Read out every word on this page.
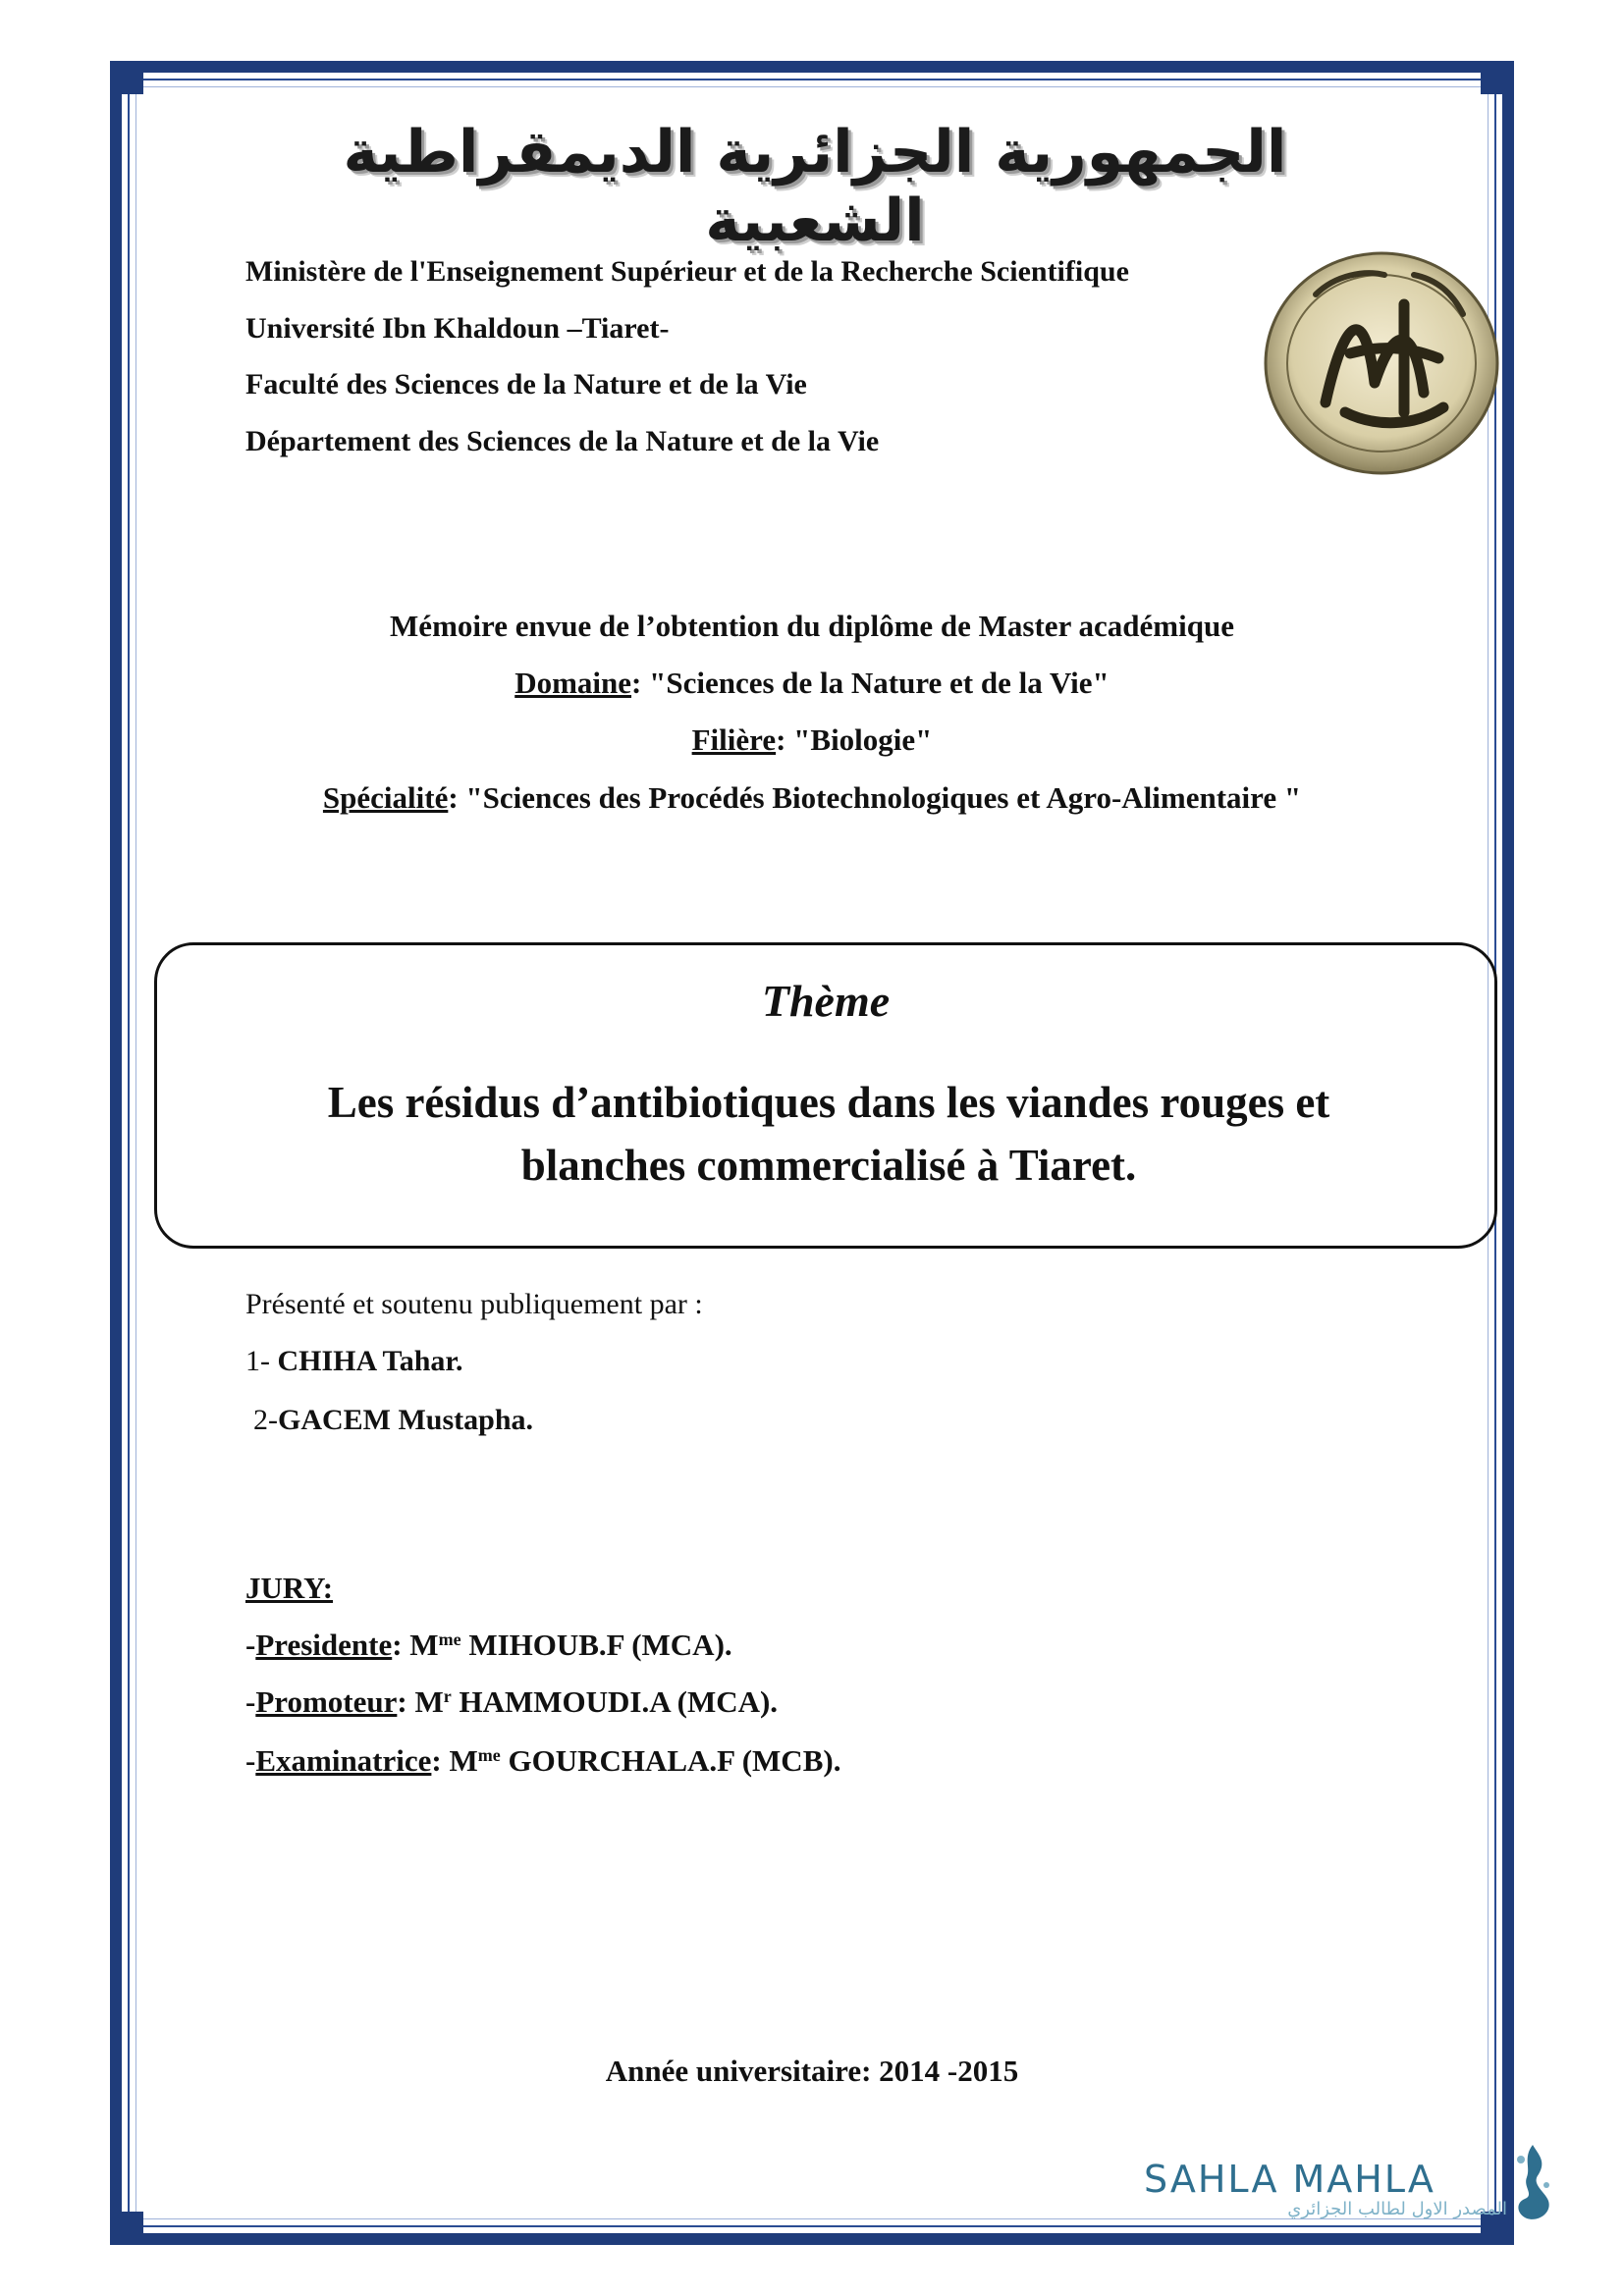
الجمهورية الجزائرية الديمقراطية الشعبية
Ministère de l'Enseignement Supérieur et de la Recherche Scientifique
Université Ibn Khaldoun –Tiaret-
Faculté des Sciences de la Nature et de la Vie
Département des Sciences de la Nature et de la Vie
Mémoire envue de l’obtention du diplôme de Master académique
Domaine: "Sciences de la Nature et de la Vie"
Filière: "Biologie"
Spécialité: "Sciences des Procédés Biotechnologiques et Agro-Alimentaire "
Thème
Les résidus d’antibiotiques dans les viandes rouges et
blanches commercialisé à Tiaret.
Présenté et soutenu publiquement par :
1- CHIHA Tahar.
2-GACEM Mustapha.
JURY:
-Presidente: $M^{me}$ MIHOUB.F (MCA).
-Promoteur: $M^r$ HAMMOUDI.A (MCA).
-Examinatrice: $M^{me}$ GOURCHALA.F (MCB).
Année universitaire: 2014 -2015
SAHLA MAHLA
المصدر الاول لطالب الجزائري
